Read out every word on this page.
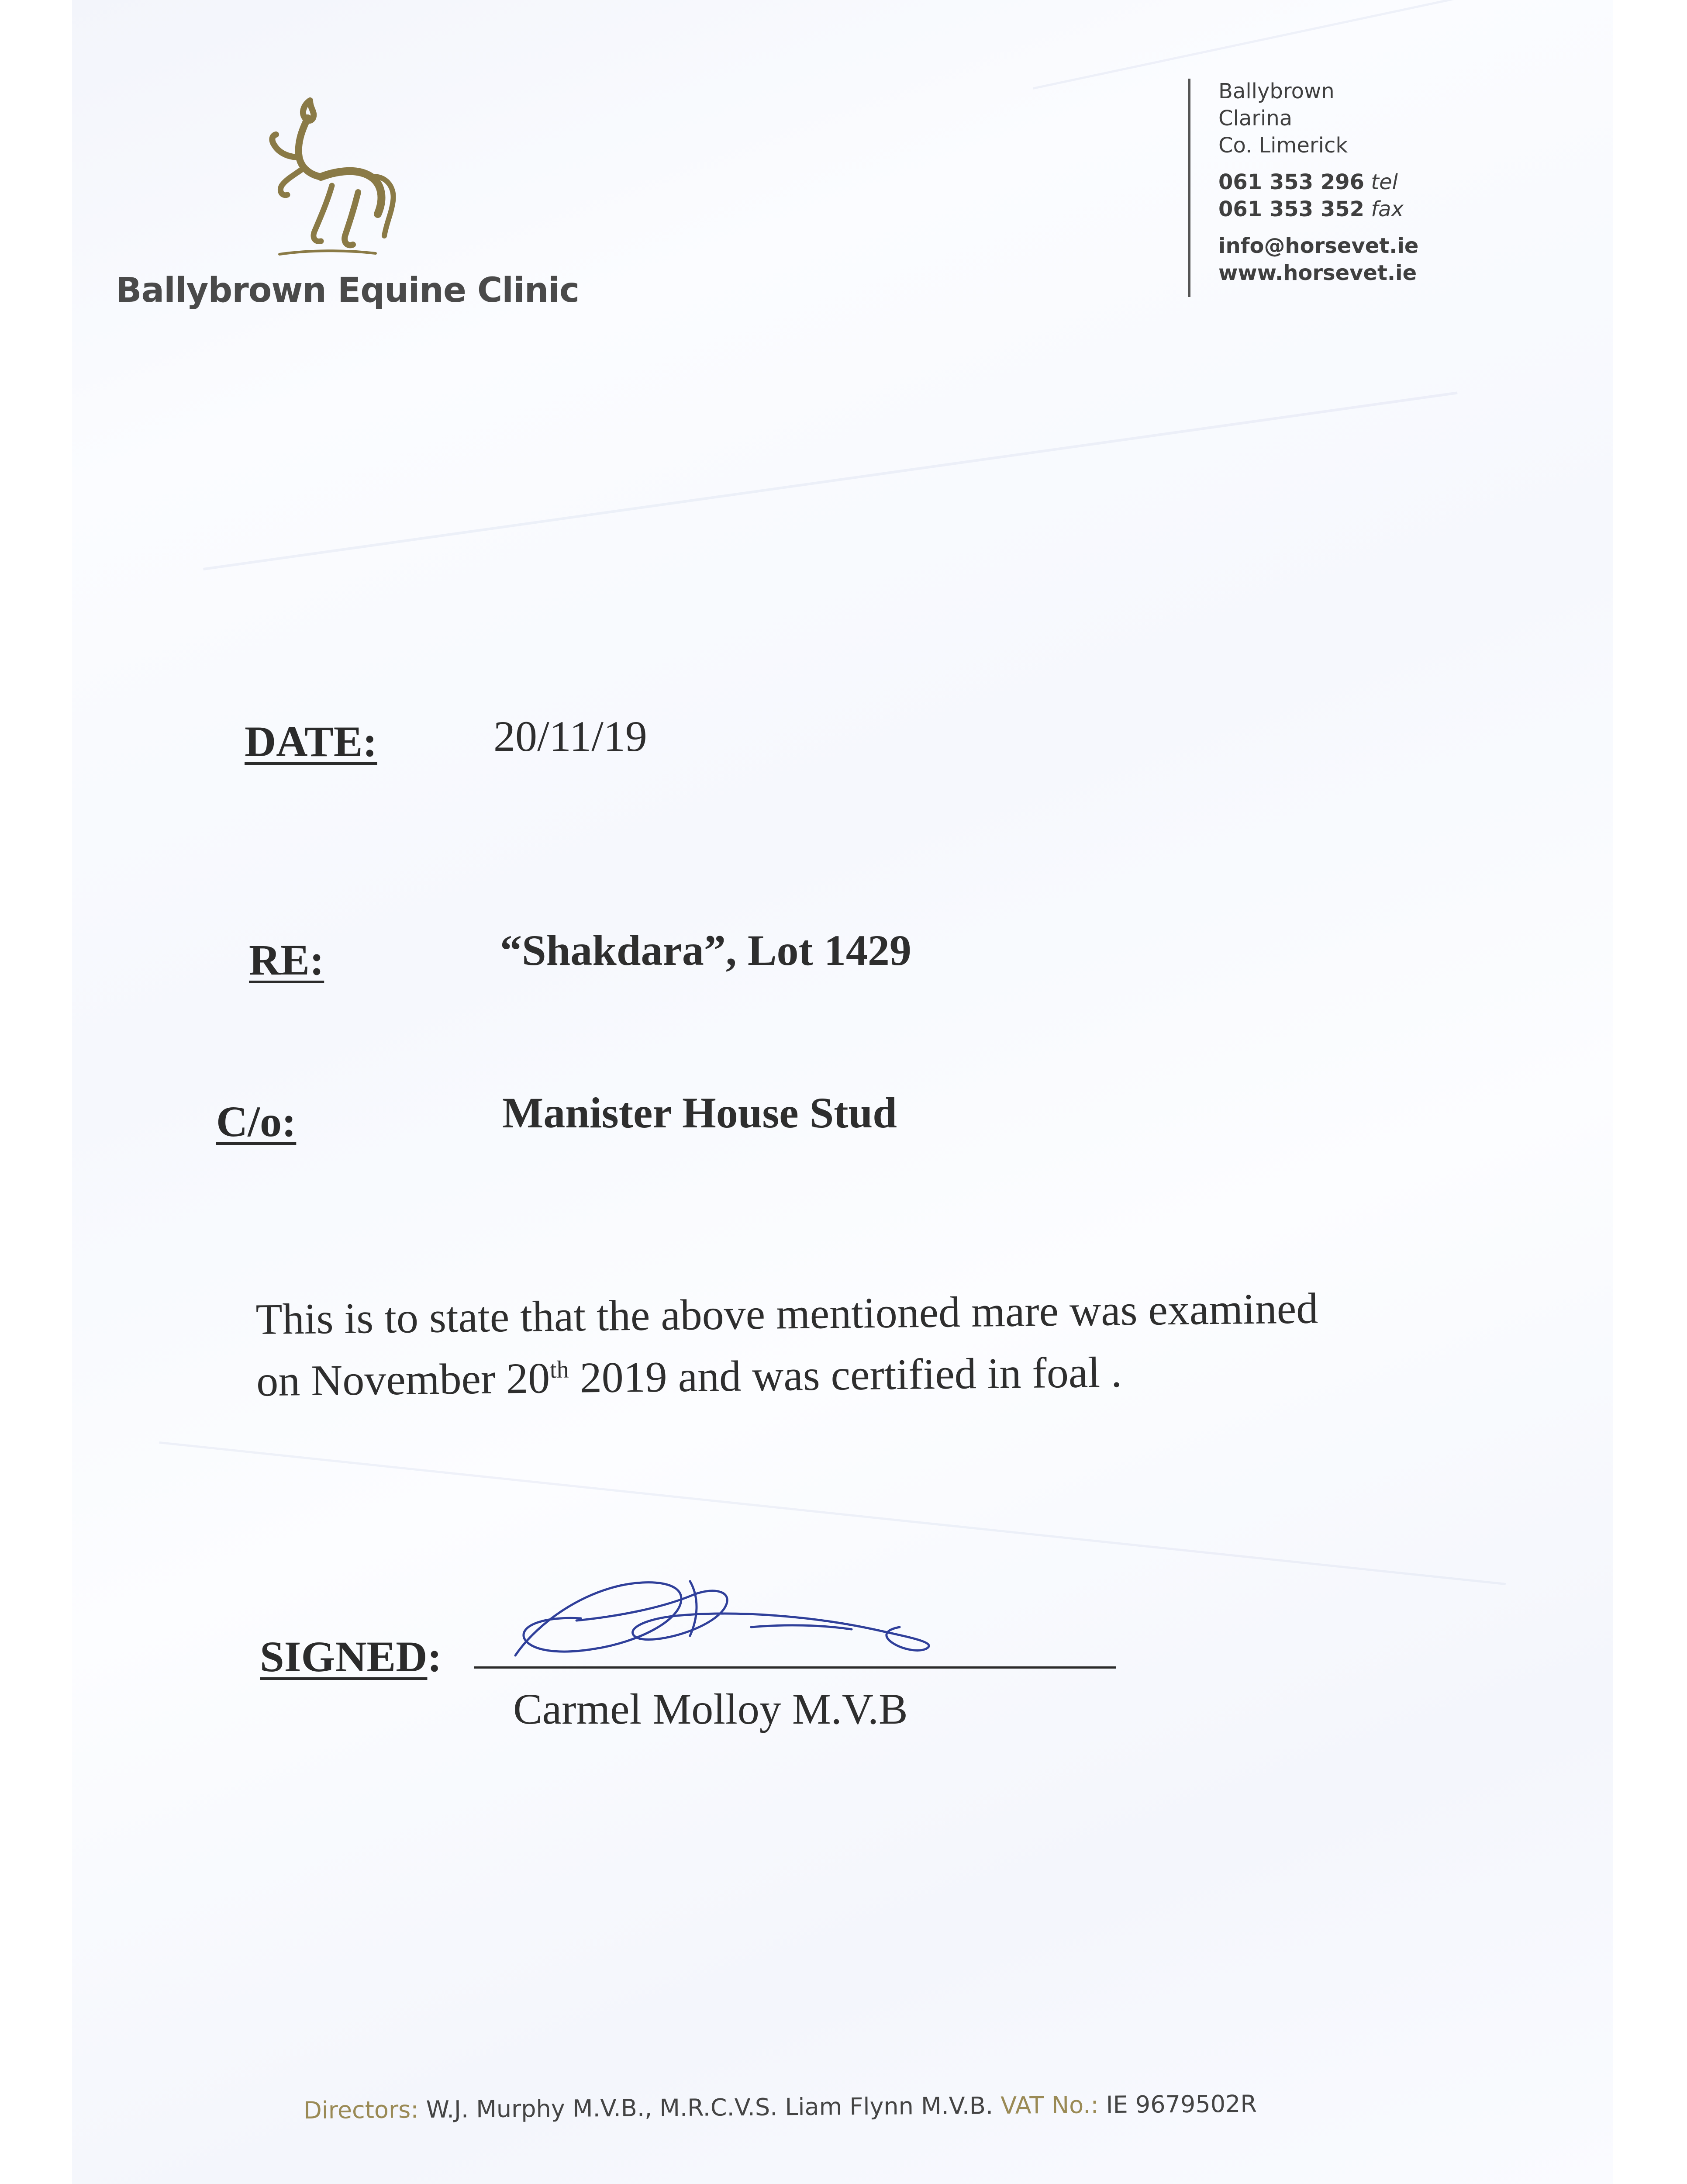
Ballybrown Equine Clinic
Ballybrown
Clarina
Co. Limerick
061 353 296 tel
061 353 352 fax
info@horsevet.ie
www.horsevet.ie
DATE:	20/11/19
RE:	“Shakdara”, Lot 1429
C/o:	Manister House Stud
This is to state that the above mentioned mare was examined
on November 20th 2019 and was certified in foal .
SIGNED:
Carmel Molloy M.V.B
Directors: W.J. Murphy M.V.B., M.R.C.V.S. Liam Flynn M.V.B. VAT No.: IE 9679502R
